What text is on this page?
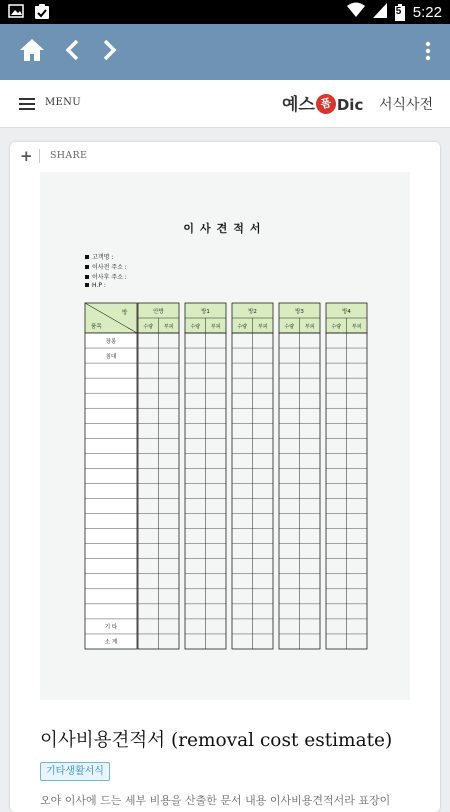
5 5:22
MENU	예스 폼 Dic 서식사전
+ SHARE
이사견적서
고객명 :
이사전 주소 :
이사후 주소 :
H.P :
방
품목
장롱
침대
기 타
소 계
안방
수량 부피
방1
수량 부피
방2
수량 부피
방3
수량 부피
방4
수량 부피
이사비용견적서 (removal cost estimate)
기타생활서식
오야 이사에 드는 세부 비용을 산출한 문서 내용 이사비용견적서라 표장이
